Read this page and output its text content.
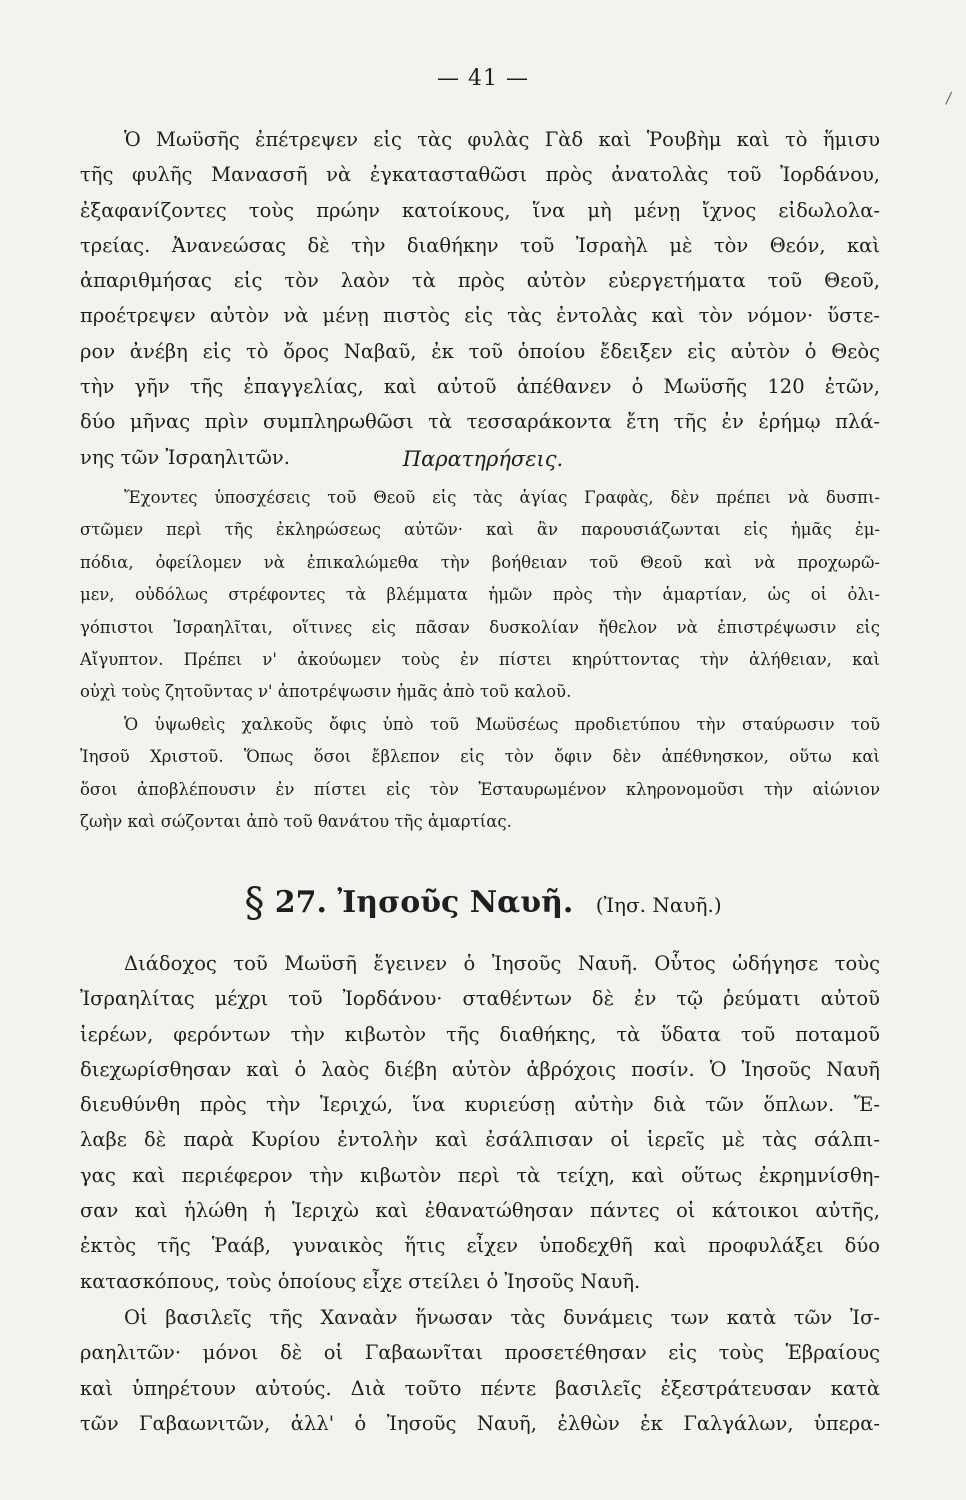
— 41 —
Ὁ Μωϋσῆς ἐπέτρεψεν εἰς τὰς φυλὰς Γὰδ καὶ Ῥουβὴμ καὶ τὸ ἥμισυ
τῆς φυλῆς Μανασσῆ νὰ ἐγκατασταθῶσι πρὸς ἀνατολὰς τοῦ Ἰορδάνου,
ἐξαφανίζοντες τοὺς πρώην κατοίκους, ἵνα μὴ μένῃ ἴχνος εἰδωλολα-
τρείας. Ἀνανεώσας δὲ τὴν διαθήκην τοῦ Ἰσραὴλ μὲ τὸν Θεόν, καὶ
ἀπαριθμήσας εἰς τὸν λαὸν τὰ πρὸς αὐτὸν εὐεργετήματα τοῦ Θεοῦ,
προέτρεψεν αὐτὸν νὰ μένῃ πιστὸς εἰς τὰς ἐντολὰς καὶ τὸν νόμον· ὕστε-
ρον ἀνέβη εἰς τὸ ὄρος Ναβαῦ, ἐκ τοῦ ὁποίου ἔδειξεν εἰς αὐτὸν ὁ Θεὸς
τὴν γῆν τῆς ἐπαγγελίας, καὶ αὐτοῦ ἀπέθανεν ὁ Μωϋσῆς 120 ἐτῶν,
δύο μῆνας πρὶν συμπληρωθῶσι τὰ τεσσαράκοντα ἔτη τῆς ἐν ἐρήμῳ πλά-
νης τῶν Ἰσραηλιτῶν.	Παρατηρήσεις.
Ἔχοντες ὑποσχέσεις τοῦ Θεοῦ εἰς τὰς ἁγίας Γραφὰς, δὲν πρέπει νὰ δυσπι-
στῶμεν περὶ τῆς ἐκληρώσεως αὐτῶν· καὶ ἂν παρουσιάζωνται εἰς ἡμᾶς ἐμ-
πόδια, ὀφείλομεν νὰ ἐπικαλώμεθα τὴν βοήθειαν τοῦ Θεοῦ καὶ νὰ προχωρῶ-
μεν, οὐδόλως στρέφοντες τὰ βλέμματα ἡμῶν πρὸς τὴν ἁμαρτίαν, ὡς οἱ ὀλι-
γόπιστοι Ἰσραηλῖται, οἵτινες εἰς πᾶσαν δυσκολίαν ἤθελον νὰ ἐπιστρέψωσιν εἰς
Αἴγυπτον. Πρέπει ν' ἀκούωμεν τοὺς ἐν πίστει κηρύττοντας τὴν ἀλήθειαν, καὶ
οὐχὶ τοὺς ζητοῦντας ν' ἀποτρέψωσιν ἡμᾶς ἀπὸ τοῦ καλοῦ.
Ὁ ὑψωθεὶς χαλκοῦς ὄφις ὑπὸ τοῦ Μωϋσέως προδιετύπου τὴν σταύρωσιν τοῦ
Ἰησοῦ Χριστοῦ. Ὅπως ὅσοι ἔβλεπον εἰς τὸν ὄφιν δὲν ἀπέθνησκον, οὕτω καὶ
ὅσοι ἀποβλέπουσιν ἐν πίστει εἰς τὸν Ἐσταυρωμένον κληρονομοῦσι τὴν αἰώνιον
ζωὴν καὶ σώζονται ἀπὸ τοῦ θανάτου τῆς ἁμαρτίας.
§ 27. Ἰησοῦς Ναυῆ. (Ἰησ. Ναυῆ.)
Διάδοχος τοῦ Μωϋσῆ ἔγεινεν ὁ Ἰησοῦς Ναυῆ. Οὗτος ὡδήγησε τοὺς
Ἰσραηλίτας μέχρι τοῦ Ἰορδάνου· σταθέντων δὲ ἐν τῷ ῥεύματι αὐτοῦ
ἱερέων, φερόντων τὴν κιβωτὸν τῆς διαθήκης, τὰ ὕδατα τοῦ ποταμοῦ
διεχωρίσθησαν καὶ ὁ λαὸς διέβη αὐτὸν ἀβρόχοις ποσίν. Ὁ Ἰησοῦς Ναυῆ
διευθύνθη πρὸς τὴν Ἱεριχώ, ἵνα κυριεύσῃ αὐτὴν διὰ τῶν ὅπλων. Ἔ-
λαβε δὲ παρὰ Κυρίου ἐντολὴν καὶ ἐσάλπισαν οἱ ἱερεῖς μὲ τὰς σάλπι-
γας καὶ περιέφερον τὴν κιβωτὸν περὶ τὰ τείχη, καὶ οὕτως ἐκρημνίσθη-
σαν καὶ ἡλώθη ἡ Ἱεριχὼ καὶ ἐθανατώθησαν πάντες οἱ κάτοικοι αὐτῆς,
ἐκτὸς τῆς Ῥαάβ, γυναικὸς ἥτις εἶχεν ὑποδεχθῆ καὶ προφυλάξει δύο
κατασκόπους, τοὺς ὁποίους εἶχε στείλει ὁ Ἰησοῦς Ναυῆ.
Οἱ βασιλεῖς τῆς Χαναὰν ἥνωσαν τὰς δυνάμεις των κατὰ τῶν Ἰσ-
ραηλιτῶν· μόνοι δὲ οἱ Γαβαωνῖται προσετέθησαν εἰς τοὺς Ἑβραίους
καὶ ὑπηρέτουν αὐτούς. Διὰ τοῦτο πέντε βασιλεῖς ἐξεστράτευσαν κατὰ
τῶν Γαβαωνιτῶν, ἀλλ' ὁ Ἰησοῦς Ναυῆ, ἐλθὼν ἐκ Γαλγάλων, ὑπερα-
